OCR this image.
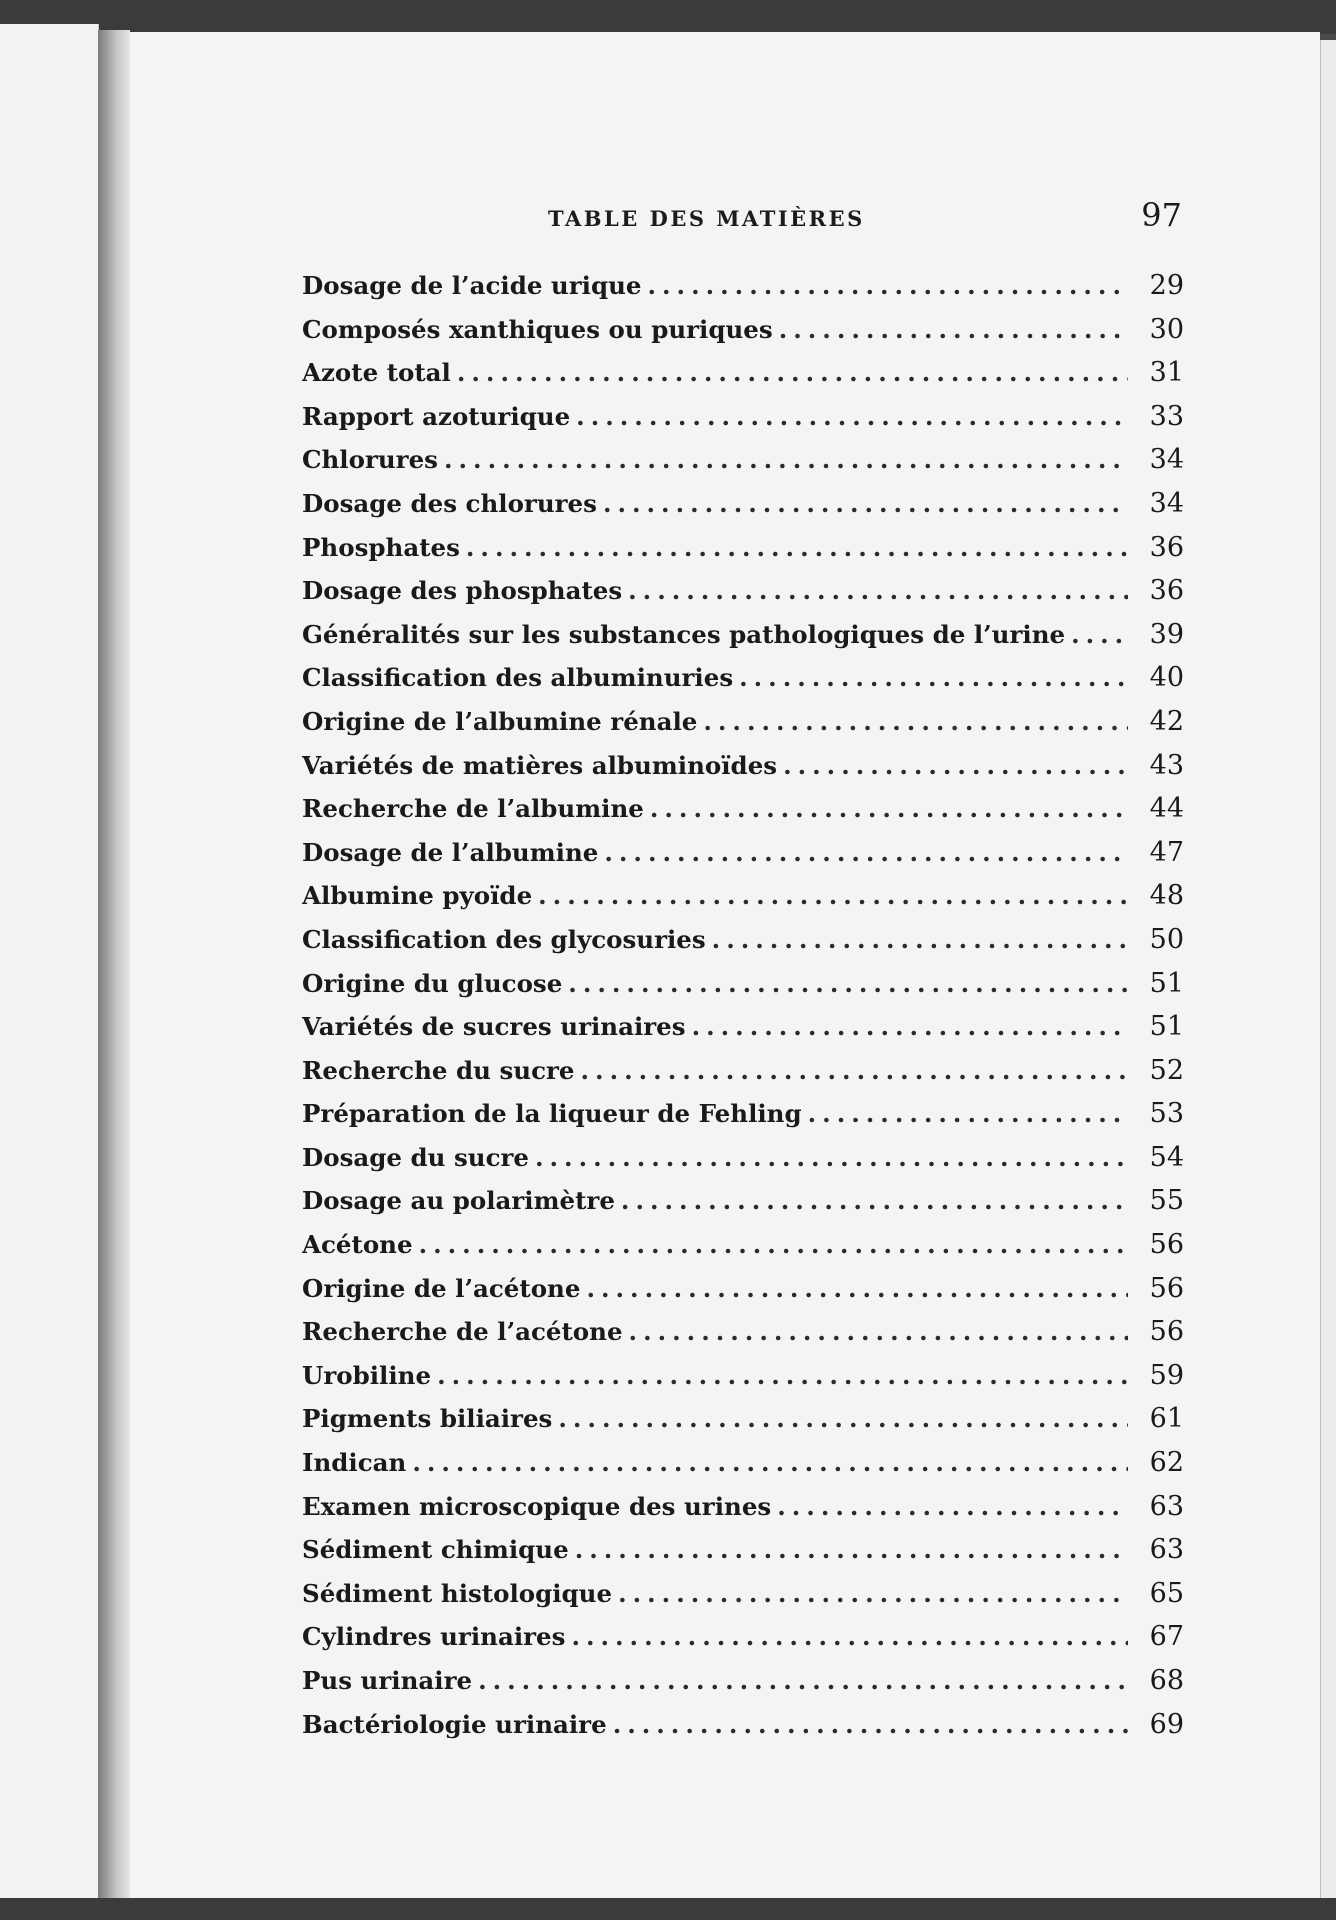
TABLE DES MATIÈRES	97
Dosage de l’acide urique .....	29
Composés xanthiques ou puriques .....	30
Azote total .....	31
Rapport azoturique .....	33
Chlorures .....	34
Dosage des chlorures .....	34
Phosphates .....	36
Dosage des phosphates .....	36
Généralités sur les substances pathologiques de l’urine .....	39
Classification des albuminuries .....	40
Origine de l’albumine rénale .....	42
Variétés de matières albuminoïdes .....	43
Recherche de l’albumine .....	44
Dosage de l’albumine .....	47
Albumine pyoïde .....	48
Classification des glycosuries .....	50
Origine du glucose .....	51
Variétés de sucres urinaires .....	51
Recherche du sucre .....	52
Préparation de la liqueur de Fehling .....	53
Dosage du sucre .....	54
Dosage au polarimètre .....	55
Acétone .....	56
Origine de l’acétone .....	56
Recherche de l’acétone .....	56
Urobiline .....	59
Pigments biliaires .....	61
Indican .....	62
Examen microscopique des urines .....	63
Sédiment chimique .....	63
Sédiment histologique .....	65
Cylindres urinaires .....	67
Pus urinaire .....	68
Bactériologie urinaire .....	69
